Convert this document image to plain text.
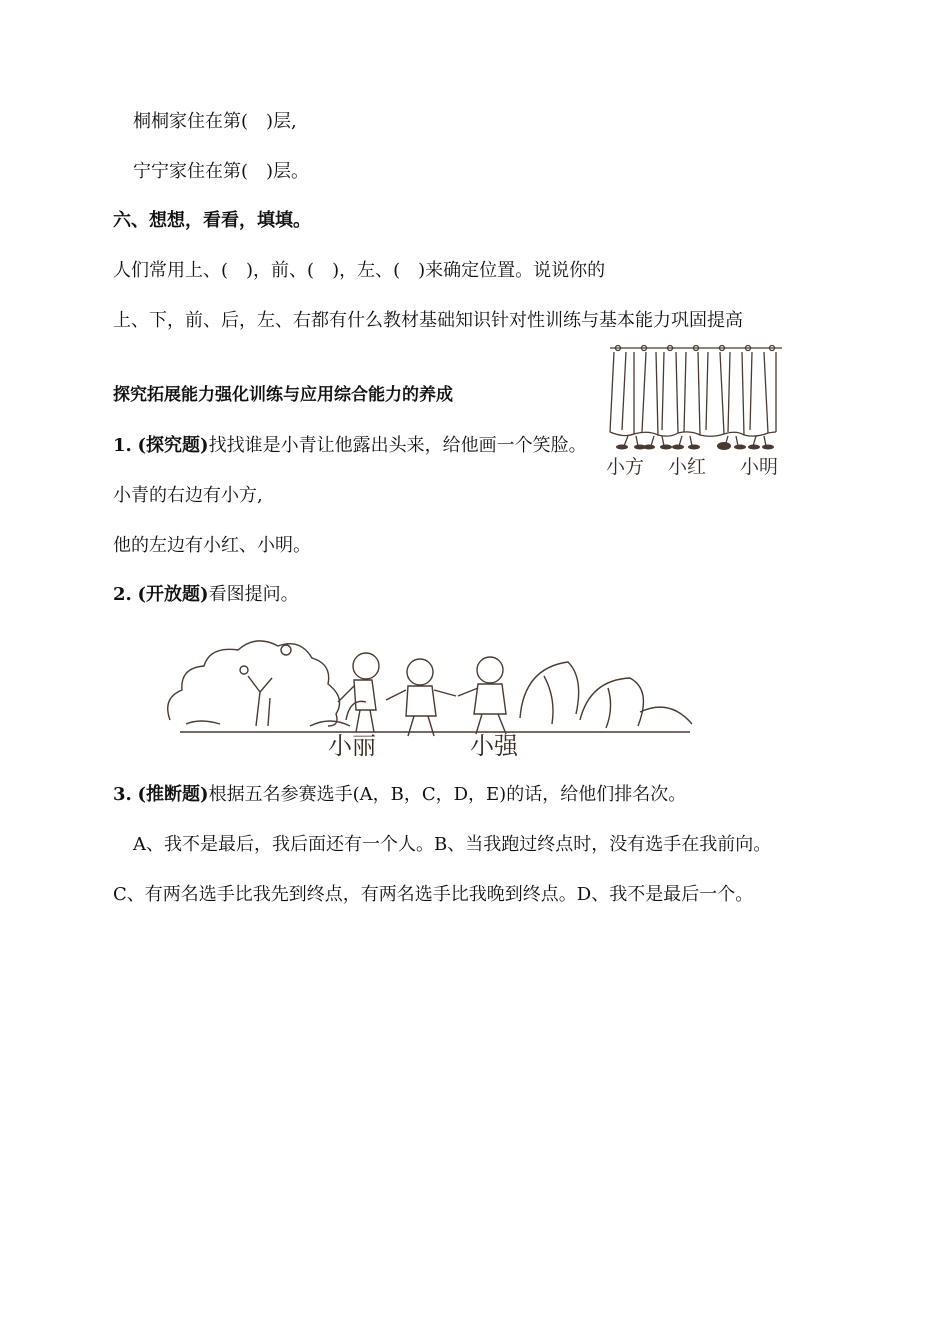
桐桐家住在第(　)层,
宁宁家住在第(　)层。
六、想想，看看，填填。
人们常用上、(　)，前、(　)，左、(　)来确定位置。说说你的
上、下，前、后，左、右都有什么教材基础知识针对性训练与基本能力巩固提高
探究拓展能力强化训练与应用综合能力的养成
1. (探究题)找找谁是小青让他露出头来，给他画一个笑脸。
小青的右边有小方,
他的左边有小红、小明。
2. (开放题)看图提问。
3. (推断题)根据五名参赛选手(A，B，C，D，E)的话，给他们排名次。
A、我不是最后，我后面还有一个人。B、当我跑过终点时，没有选手在我前向。
C、有两名选手比我先到终点，有两名选手比我晚到终点。D、我不是最后一个。
小方 小红 小明
小丽	小强
